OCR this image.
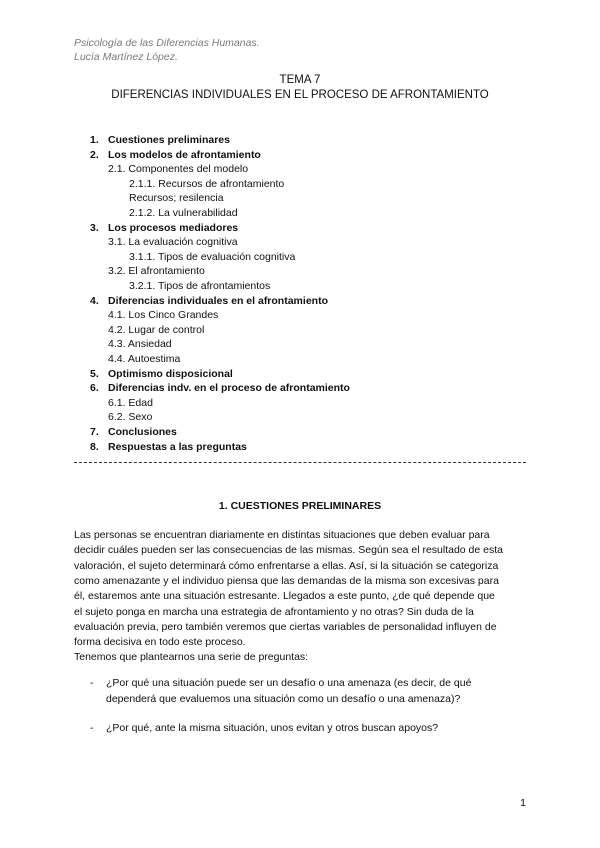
Psicología de las Diferencias Humanas.
Lucía Martínez López.
TEMA 7
DIFERENCIAS INDIVIDUALES EN EL PROCESO DE AFRONTAMIENTO
1. Cuestiones preliminares
2. Los modelos de afrontamiento
2.1. Componentes del modelo
2.1.1. Recursos de afrontamiento
Recursos; resilencia
2.1.2. La vulnerabilidad
3. Los procesos mediadores
3.1. La evaluación cognitiva
3.1.1. Tipos de evaluación cognitiva
3.2. El afrontamiento
3.2.1. Tipos de afrontamientos
4. Diferencias individuales en el afrontamiento
4.1. Los Cinco Grandes
4.2. Lugar de control
4.3. Ansiedad
4.4. Autoestima
5. Optimismo disposicional
6. Diferencias indv. en el proceso de afrontamiento
6.1. Edad
6.2. Sexo
7. Conclusiones
8. Respuestas a las preguntas
1. CUESTIONES PRELIMINARES
Las personas se encuentran diariamente en distintas situaciones que deben evaluar para
decidir cuáles pueden ser las consecuencias de las mismas. Según sea el resultado de esta
valoración, el sujeto determinará cómo enfrentarse a ellas. Así, si la situación se categoriza
como amenazante y el individuo piensa que las demandas de la misma son excesivas para
él, estaremos ante una situación estresante. Llegados a este punto, ¿de qué depende que
el sujeto ponga en marcha una estrategia de afrontamiento y no otras? Sin duda de la
evaluación previa, pero también veremos que ciertas variables de personalidad influyen de
forma decisiva en todo este proceso.
Tenemos que plantearnos una serie de preguntas:
- ¿Por qué una situación puede ser un desafío o una amenaza (es decir, de qué
dependerá que evaluemos una situación como un desafío o una amenaza)?
- ¿Por qué, ante la misma situación, unos evitan y otros buscan apoyos?
1
